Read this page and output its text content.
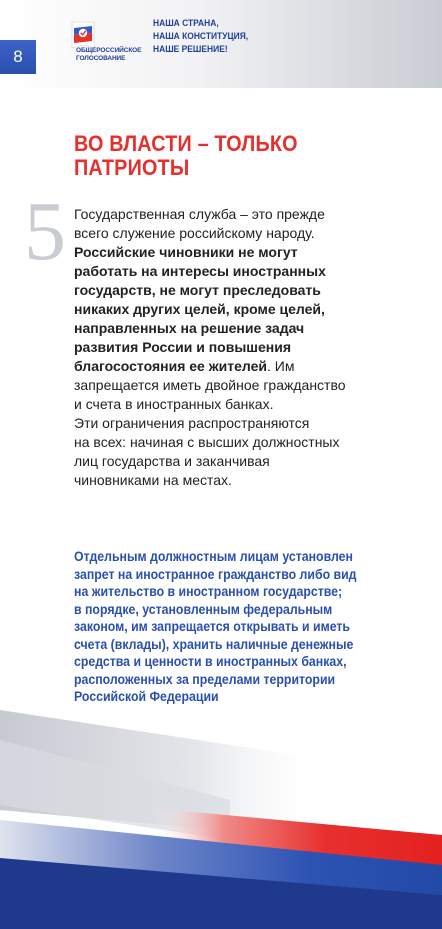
8	ОБЩЕРОССИЙСКОЕ
ГОЛОСОВАНИЕ
НАША СТРАНА,
НАША КОНСТИТУЦИЯ,
НАШЕ РЕШЕНИЕ!
ВО ВЛАСТИ – ТОЛЬКО
ПАТРИОТЫ
5 Государственная служба – это прежде
всего служение российскому народу.
Российские чиновники не могут
работать на интересы иностранных
государств, не могут преследовать
никаких других целей, кроме целей,
направленных на решение задач
развития России и повышения
благосостояния ее жителей. Им
запрещается иметь двойное гражданство
и счета в иностранных банках.
Эти ограничения распространяются
на всех: начиная с высших должностных
лиц государства и заканчивая
чиновниками на местах.
Отдельным должностным лицам установлен
запрет на иностранное гражданство либо вид
на жительство в иностранном государстве;
в порядке, установленным федеральным
законом, им запрещается открывать и иметь
счета (вклады), хранить наличные денежные
средства и ценности в иностранных банках,
расположенных за пределами территории
Российской Федерации
